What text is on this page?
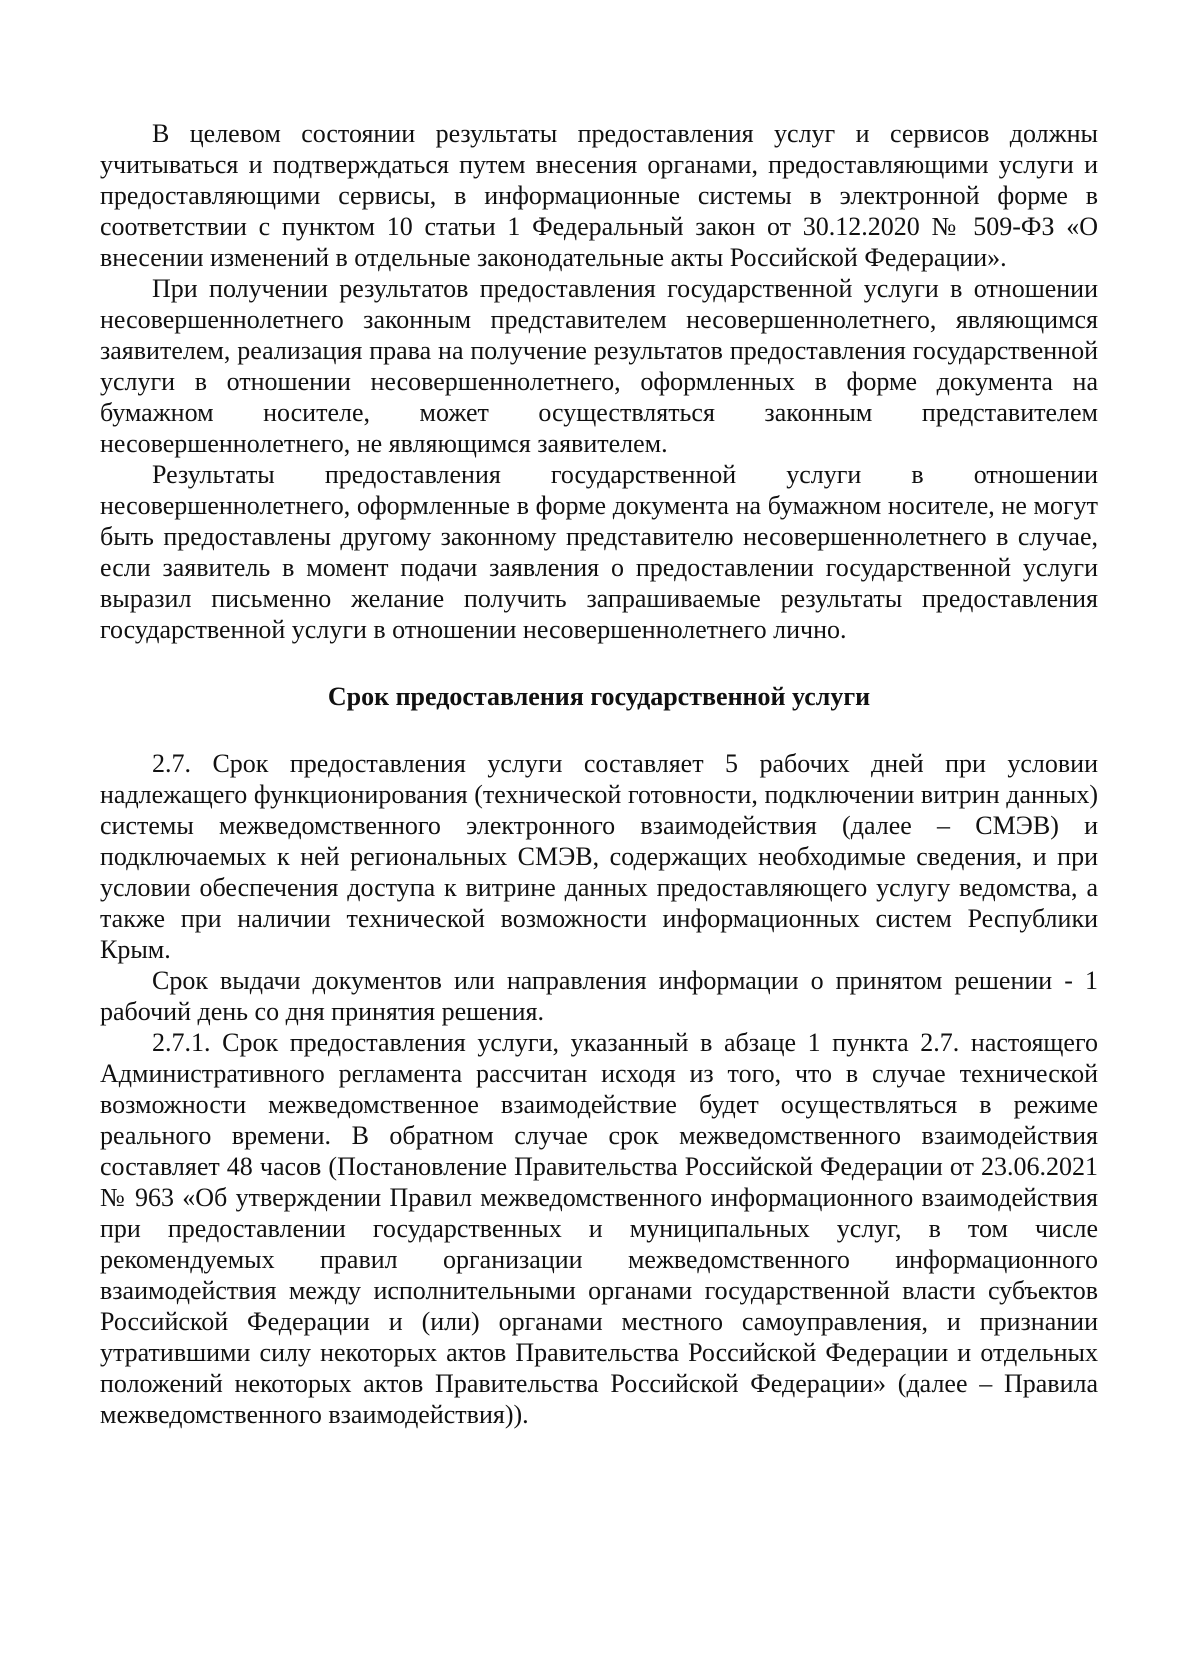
В целевом состоянии результаты предоставления услуг и сервисов должны учитываться и подтверждаться путем внесения органами, предоставляющими услуги и предоставляющими сервисы, в информационные системы в электронной форме в соответствии с пунктом 10 статьи 1 Федеральный закон от 30.12.2020 № 509-ФЗ «О внесении изменений в отдельные законодательные акты Российской Федерации».

При получении результатов предоставления государственной услуги в отношении несовершеннолетнего законным представителем несовершеннолетнего, являющимся заявителем, реализация права на получение результатов предоставления государственной услуги в отношении несовершеннолетнего, оформленных в форме документа на бумажном носителе, может осуществляться законным представителем несовершеннолетнего, не являющимся заявителем.

Результаты предоставления государственной услуги в отношении несовершеннолетнего, оформленные в форме документа на бумажном носителе, не могут быть предоставлены другому законному представителю несовершеннолетнего в случае, если заявитель в момент подачи заявления о предоставлении государственной услуги выразил письменно желание получить запрашиваемые результаты предоставления государственной услуги в отношении несовершеннолетнего лично.

Срок предоставления государственной услуги

2.7. Срок предоставления услуги составляет 5 рабочих дней при условии надлежащего функционирования (технической готовности, подключении витрин данных) системы межведомственного электронного взаимодействия (далее – СМЭВ) и подключаемых к ней региональных СМЭВ, содержащих необходимые сведения, и при условии обеспечения доступа к витрине данных предоставляющего услугу ведомства, а также при наличии технической возможности информационных систем Республики Крым.

Срок выдачи документов или направления информации о принятом решении - 1 рабочий день со дня принятия решения.

2.7.1. Срок предоставления услуги, указанный в абзаце 1 пункта 2.7. настоящего Административного регламента рассчитан исходя из того, что в случае технической возможности межведомственное взаимодействие будет осуществляться в режиме реального времени. В обратном случае срок межведомственного взаимодействия составляет 48 часов (Постановление Правительства Российской Федерации от 23.06.2021 № 963 «Об утверждении Правил межведомственного информационного взаимодействия при предоставлении государственных и муниципальных услуг, в том числе рекомендуемых правил организации межведомственного информационного взаимодействия между исполнительными органами государственной власти субъектов Российской Федерации и (или) органами местного самоуправления, и признании утратившими силу некоторых актов Правительства Российской Федерации и отдельных положений некоторых актов Правительства Российской Федерации» (далее – Правила межведомственного взаимодействия)).
